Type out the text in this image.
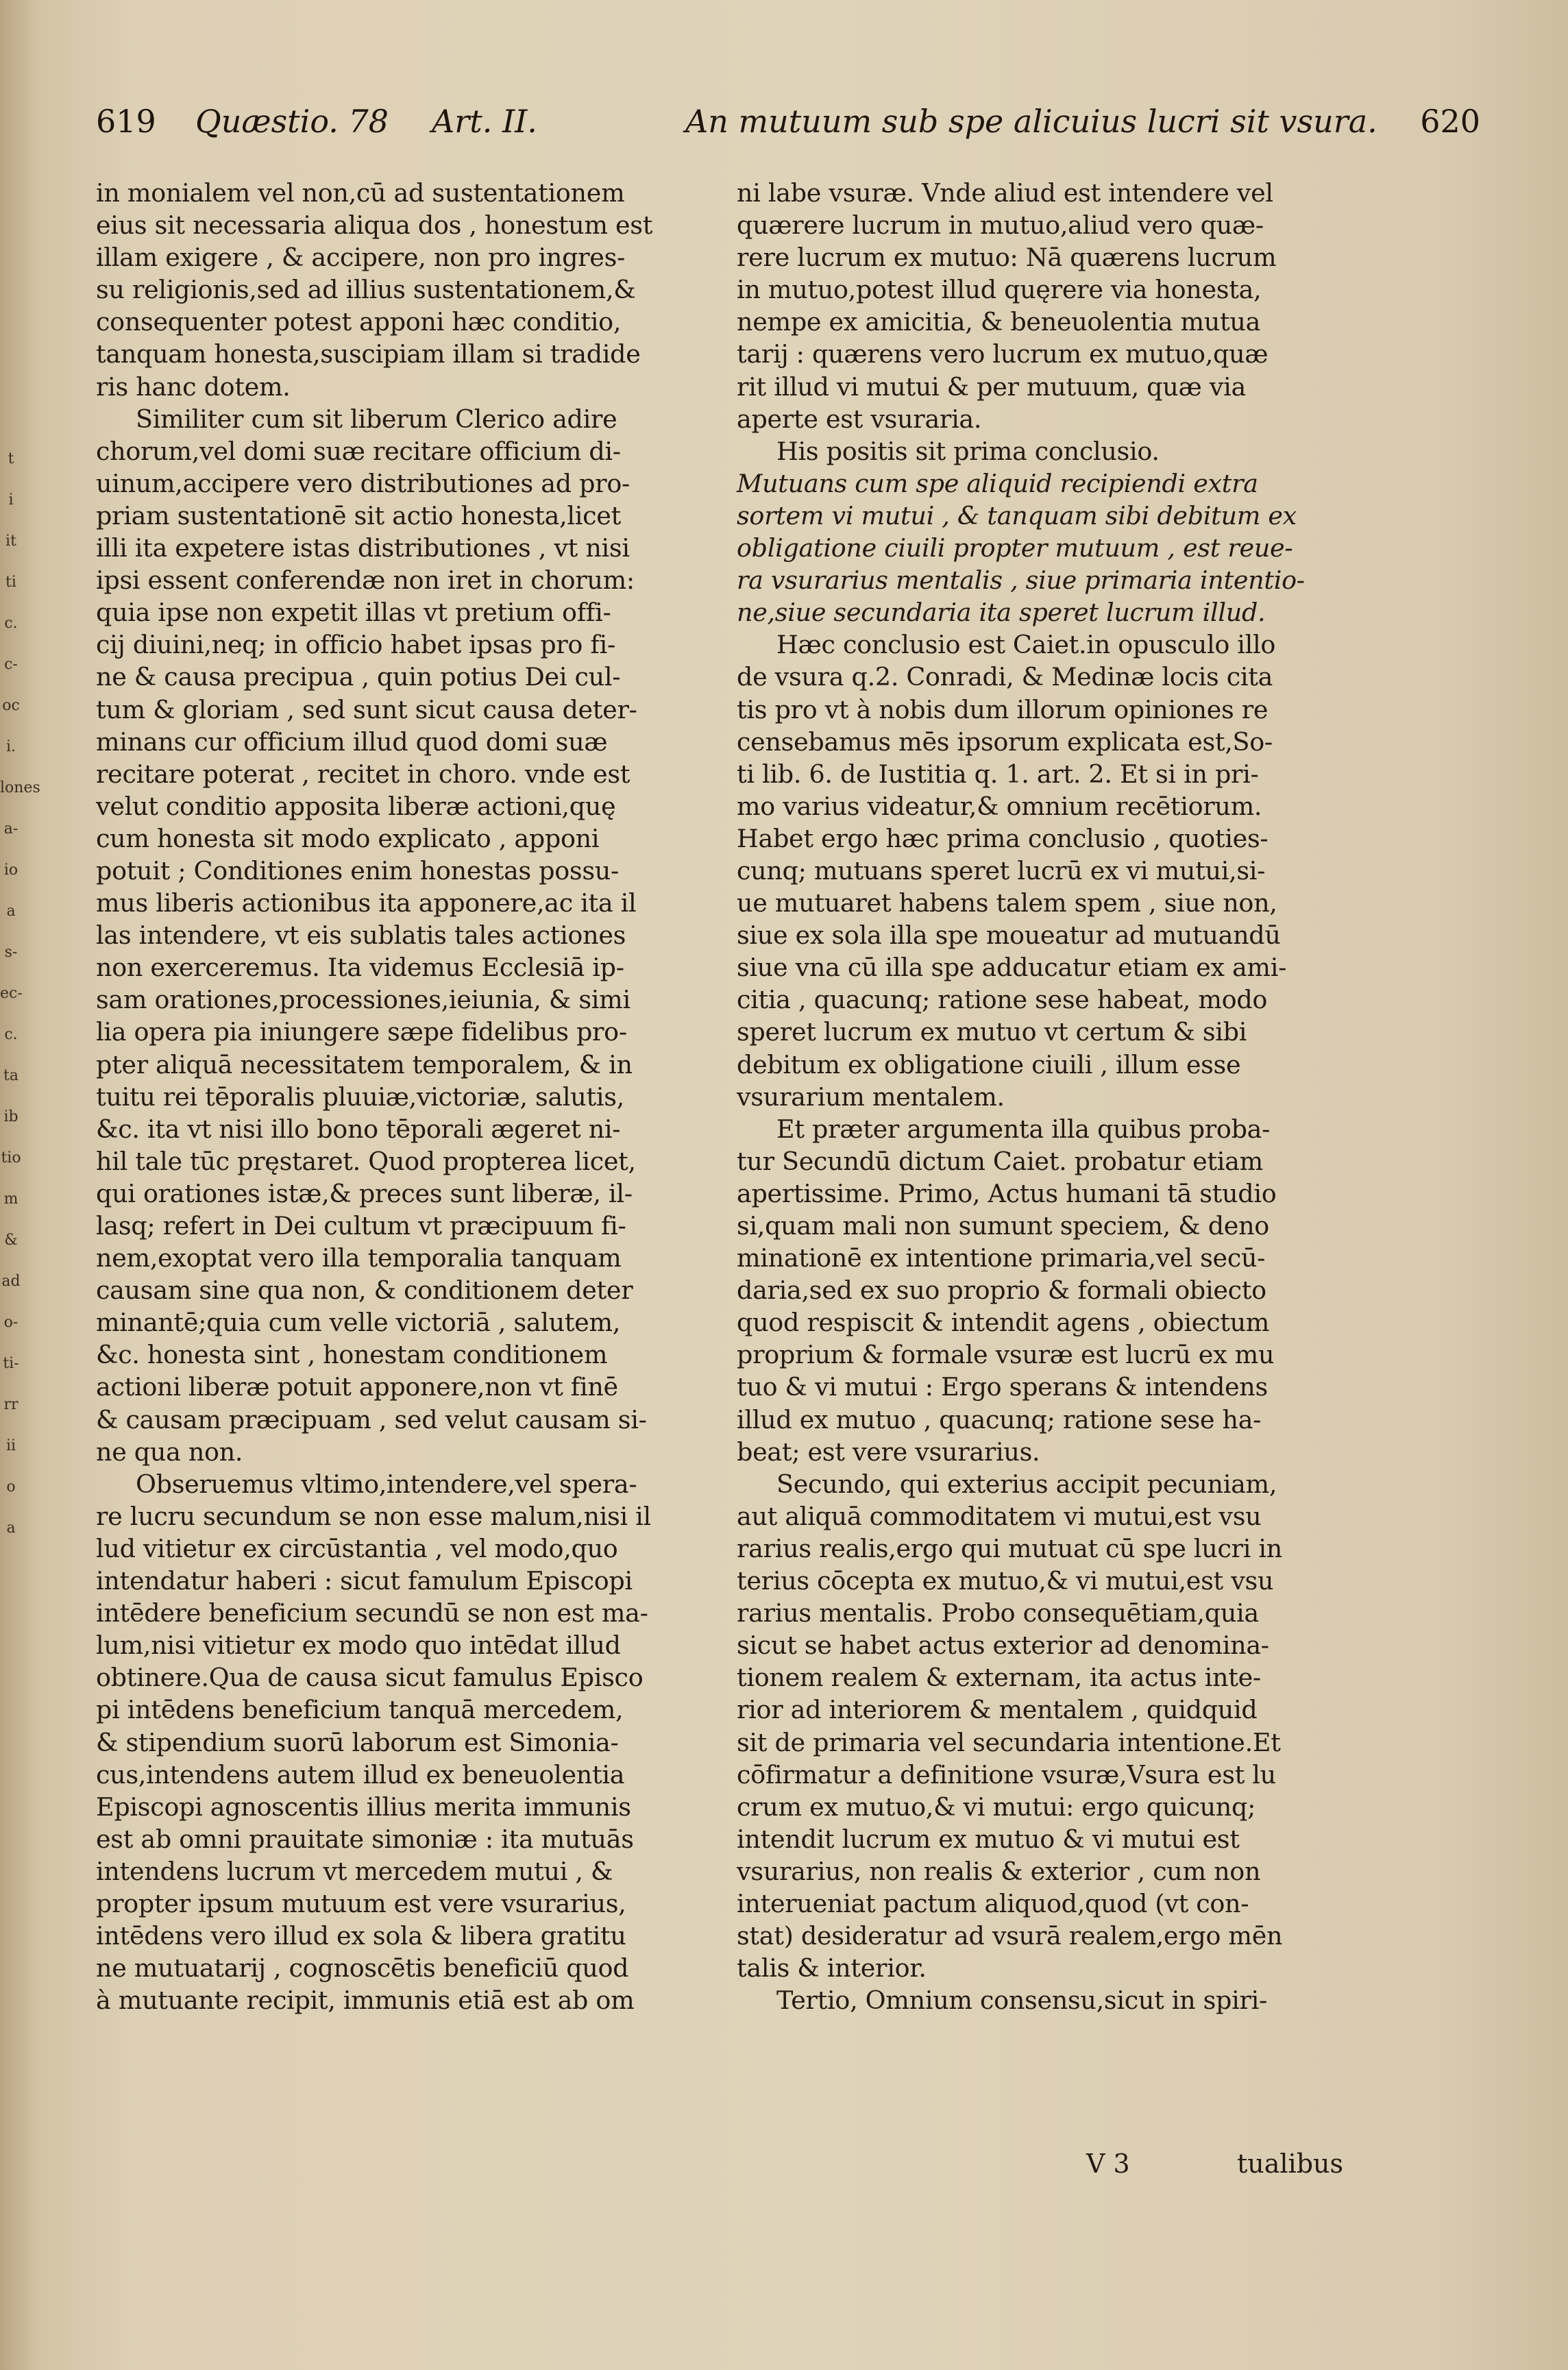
t
i
it
ti
c.
c-
oc
i.
lones
a-
io
a
s-
ec-
c.
ta
ib
tio
m
&
ad
o-
ti-
rr
ii
o
a
619 Quæstio. 78 Art. II.	An mutuum sub spe alicuius lucri sit vsura. 620

in monialem vel non,cū ad sustentationem

eius sit necessaria aliqua dos , honestum est

illam exigere , & accipere, non pro ingres-

su religionis,sed ad illius sustentationem,&

consequenter potest apponi hæc conditio,

tanquam honesta,suscipiam illam si tradide

ris hanc dotem.

Similiter cum sit liberum Clerico adire

chorum,vel domi suæ recitare officium di-

uinum,accipere vero distributiones ad pro-

priam sustentationē sit actio honesta,licet

illi ita expetere istas distributiones , vt nisi

ipsi essent conferendæ non iret in chorum:

quia ipse non expetit illas vt pretium offi-

cij diuini,neq; in officio habet ipsas pro fi-

ne & causa precipua , quin potius Dei cul-

tum & gloriam , sed sunt sicut causa deter-

minans cur officium illud quod domi suæ

recitare poterat , recitet in choro. vnde est

velut conditio apposita liberæ actioni,quę

cum honesta sit modo explicato , apponi

potuit ; Conditiones enim honestas possu-

mus liberis actionibus ita apponere,ac ita il

las intendere, vt eis sublatis tales actiones

non exerceremus. Ita videmus Ecclesiā ip-

sam orationes,processiones,ieiunia, & simi

lia opera pia iniungere sæpe fidelibus pro-

pter aliquā necessitatem temporalem, & in

tuitu rei tēporalis pluuiæ,victoriæ, salutis,

&c. ita vt nisi illo bono tēporali ægeret ni-

hil tale tūc pręstaret. Quod propterea licet,

qui orationes istæ,& preces sunt liberæ, il-

lasq; refert in Dei cultum vt præcipuum fi-

nem,exoptat vero illa temporalia tanquam

causam sine qua non, & conditionem deter

minantē;quia cum velle victoriā , salutem,

&c. honesta sint , honestam conditionem

actioni liberæ potuit apponere,non vt finē

& causam præcipuam , sed velut causam si-

ne qua non.

Obseruemus vltimo,intendere,vel spera-

re lucru secundum se non esse malum,nisi il

lud vitietur ex circūstantia , vel modo,quo

intendatur haberi : sicut famulum Episcopi

intēdere beneficium secundū se non est ma-

lum,nisi vitietur ex modo quo intēdat illud

obtinere.Qua de causa sicut famulus Episco

pi intēdens beneficium tanquā mercedem,

& stipendium suorū laborum est Simonia-

cus,intendens autem illud ex beneuolentia

Episcopi agnoscentis illius merita immunis

est ab omni prauitate simoniæ : ita mutuās

intendens lucrum vt mercedem mutui , &

propter ipsum mutuum est vere vsurarius,

intēdens vero illud ex sola & libera gratitu

ne mutuatarij , cognoscētis beneficiū quod

à mutuante recipit, immunis etiā est ab om

ni labe vsuræ. Vnde aliud est intendere vel

quærere lucrum in mutuo,aliud vero quæ-

rere lucrum ex mutuo: Nā quærens lucrum

in mutuo,potest illud quęrere via honesta,

nempe ex amicitia, & beneuolentia mutua

tarij : quærens vero lucrum ex mutuo,quæ

rit illud vi mutui & per mutuum, quæ via

aperte est vsuraria.

His positis sit prima conclusio.

Mutuans cum spe aliquid recipiendi extra

sortem vi mutui , & tanquam sibi debitum ex

obligatione ciuili propter mutuum , est reue-

ra vsurarius mentalis , siue primaria intentio-

ne,siue secundaria ita speret lucrum illud.

Hæc conclusio est Caiet.in opusculo illo

de vsura q.2. Conradi, & Medinæ locis cita

tis pro vt à nobis dum illorum opiniones re

censebamus mēs ipsorum explicata est,So-

ti lib. 6. de Iustitia q. 1. art. 2. Et si in pri-

mo varius videatur,& omnium recētiorum.

Habet ergo hæc prima conclusio , quoties-

cunq; mutuans speret lucrū ex vi mutui,si-

ue mutuaret habens talem spem , siue non,

siue ex sola illa spe moueatur ad mutuandū

siue vna cū illa spe adducatur etiam ex ami-

citia , quacunq; ratione sese habeat, modo

speret lucrum ex mutuo vt certum & sibi

debitum ex obligatione ciuili , illum esse

vsurarium mentalem.

Et præter argumenta illa quibus proba-

tur Secundū dictum Caiet. probatur etiam

apertissime. Primo, Actus humani tā studio

si,quam mali non sumunt speciem, & deno

minationē ex intentione primaria,vel secū-

daria,sed ex suo proprio & formali obiecto

quod respiscit & intendit agens , obiectum

proprium & formale vsuræ est lucrū ex mu

tuo & vi mutui : Ergo sperans & intendens

illud ex mutuo , quacunq; ratione sese ha-

beat; est vere vsurarius.

Secundo, qui exterius accipit pecuniam,

aut aliquā commoditatem vi mutui,est vsu

rarius realis,ergo qui mutuat cū spe lucri in

terius cōcepta ex mutuo,& vi mutui,est vsu

rarius mentalis. Probo consequētiam,quia

sicut se habet actus exterior ad denomina-

tionem realem & externam, ita actus inte-

rior ad interiorem & mentalem , quidquid

sit de primaria vel secundaria intentione.Et

cōfirmatur a definitione vsuræ,Vsura est lu

crum ex mutuo,& vi mutui: ergo quicunq;

intendit lucrum ex mutuo & vi mutui est

vsurarius, non realis & exterior , cum non

interueniat pactum aliquod,quod (vt con-

stat) desideratur ad vsurā realem,ergo mēn

talis & interior.

Tertio, Omnium consensu,sicut in spiri-

V 3	tualibus
